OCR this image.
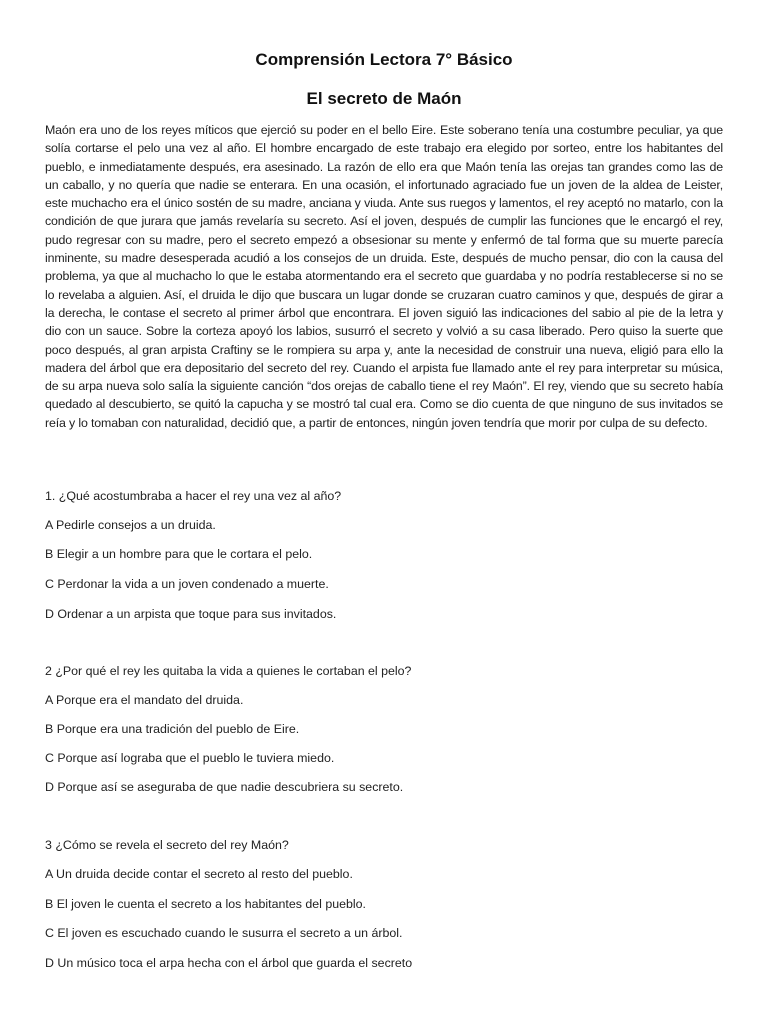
Comprensión Lectora 7° Básico
El secreto de Maón

Maón era uno de los reyes míticos que ejerció su poder en el bello Eire. Este soberano tenía una costumbre peculiar, ya que solía cortarse el pelo una vez al año. El hombre encargado de este trabajo era elegido por sorteo, entre los habitantes del pueblo, e inmediatamente después, era asesinado. La razón de ello era que Maón tenía las orejas tan grandes como las de un caballo, y no quería que nadie se enterara. En una ocasión, el infortunado agraciado fue un joven de la aldea de Leister, este muchacho era el único sostén de su madre, anciana y viuda. Ante sus ruegos y lamentos, el rey aceptó no matarlo, con la condición de que jurara que jamás revelaría su secreto. Así el joven, después de cumplir las funciones que le encargó el rey, pudo regresar con su madre, pero el secreto empezó a obsesionar su mente y enfermó de tal forma que su muerte parecía inminente, su madre desesperada acudió a los consejos de un druida. Este, después de mucho pensar, dio con la causa del problema, ya que al muchacho lo que le estaba atormentando era el secreto que guardaba y no podría restablecerse si no se lo revelaba a alguien. Así, el druida le dijo que buscara un lugar donde se cruzaran cuatro caminos y que, después de girar a la derecha, le contase el secreto al primer árbol que encontrara. El joven siguió las indicaciones del sabio al pie de la letra y dio con un sauce. Sobre la corteza apoyó los labios, susurró el secreto y volvió a su casa liberado. Pero quiso la suerte que poco después, al gran arpista Craftiny se le rompiera su arpa y, ante la necesidad de construir una nueva, eligió para ello la madera del árbol que era depositario del secreto del rey. Cuando el arpista fue llamado ante el rey para interpretar su música, de su arpa nueva solo salía la siguiente canción “dos orejas de caballo tiene el rey Maón”. El rey, viendo que su secreto había quedado al descubierto, se quitó la capucha y se mostró tal cual era. Como se dio cuenta de que ninguno de sus invitados se reía y lo tomaban con naturalidad, decidió que, a partir de entonces, ningún joven tendría que morir por culpa de su defecto.

1. ¿Qué acostumbraba a hacer el rey una vez al año?

A Pedirle consejos a un druida.

B Elegir a un hombre para que le cortara el pelo.

C Perdonar la vida a un joven condenado a muerte.

D Ordenar a un arpista que toque para sus invitados.

2 ¿Por qué el rey les quitaba la vida a quienes le cortaban el pelo?

A Porque era el mandato del druida.

B Porque era una tradición del pueblo de Eire.

C Porque así lograba que el pueblo le tuviera miedo.

D Porque así se aseguraba de que nadie descubriera su secreto.

3 ¿Cómo se revela el secreto del rey Maón?

A Un druida decide contar el secreto al resto del pueblo.

B El joven le cuenta el secreto a los habitantes del pueblo.

C El joven es escuchado cuando le susurra el secreto a un árbol.

D Un músico toca el arpa hecha con el árbol que guarda el secreto
